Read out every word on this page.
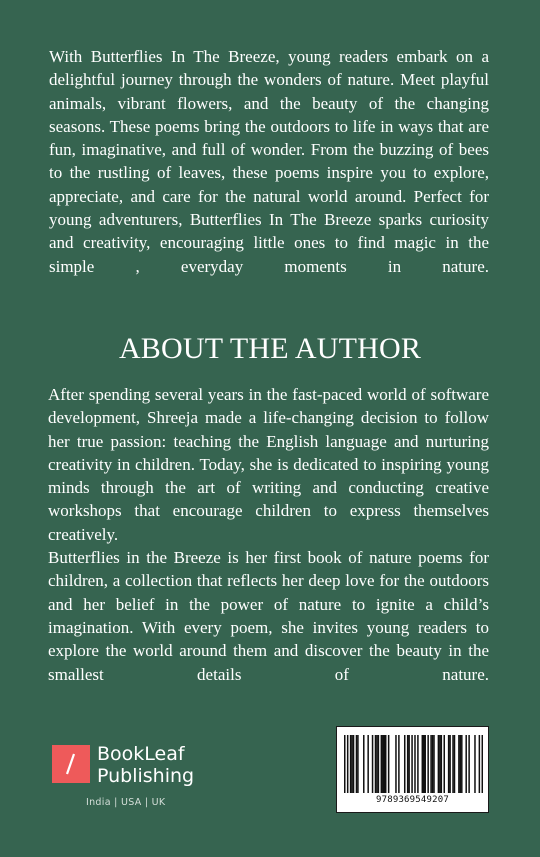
With Butterflies In The Breeze, young readers embark on a delightful journey through the wonders of nature. Meet playful animals, vibrant flowers, and the beauty of the changing seasons. These poems bring the outdoors to life in ways that are fun, imaginative, and full of wonder. From the buzzing of bees to the rustling of leaves, these poems inspire you to explore, appreciate, and care for the natural world around. Perfect for young adventurers, Butterflies In The Breeze sparks curiosity and creativity, encouraging little ones to find magic in the simple , everyday moments in nature.

ABOUT THE AUTHOR

After spending several years in the fast-paced world of software development, Shreeja made a life-changing decision to follow her true passion: teaching the English language and nurturing creativity in children. Today, she is dedicated to inspiring young minds through the art of writing and conducting creative workshops that encourage children to express themselves creatively.

Butterflies in the Breeze is her first book of nature poems for children, a collection that reflects her deep love for the outdoors and her belief in the power of nature to ignite a child’s imagination. With every poem, she invites young readers to explore the world around them and discover the beauty in the smallest details of nature.

BookLeaf
Publishing
India | USA | UK	9789369549207
